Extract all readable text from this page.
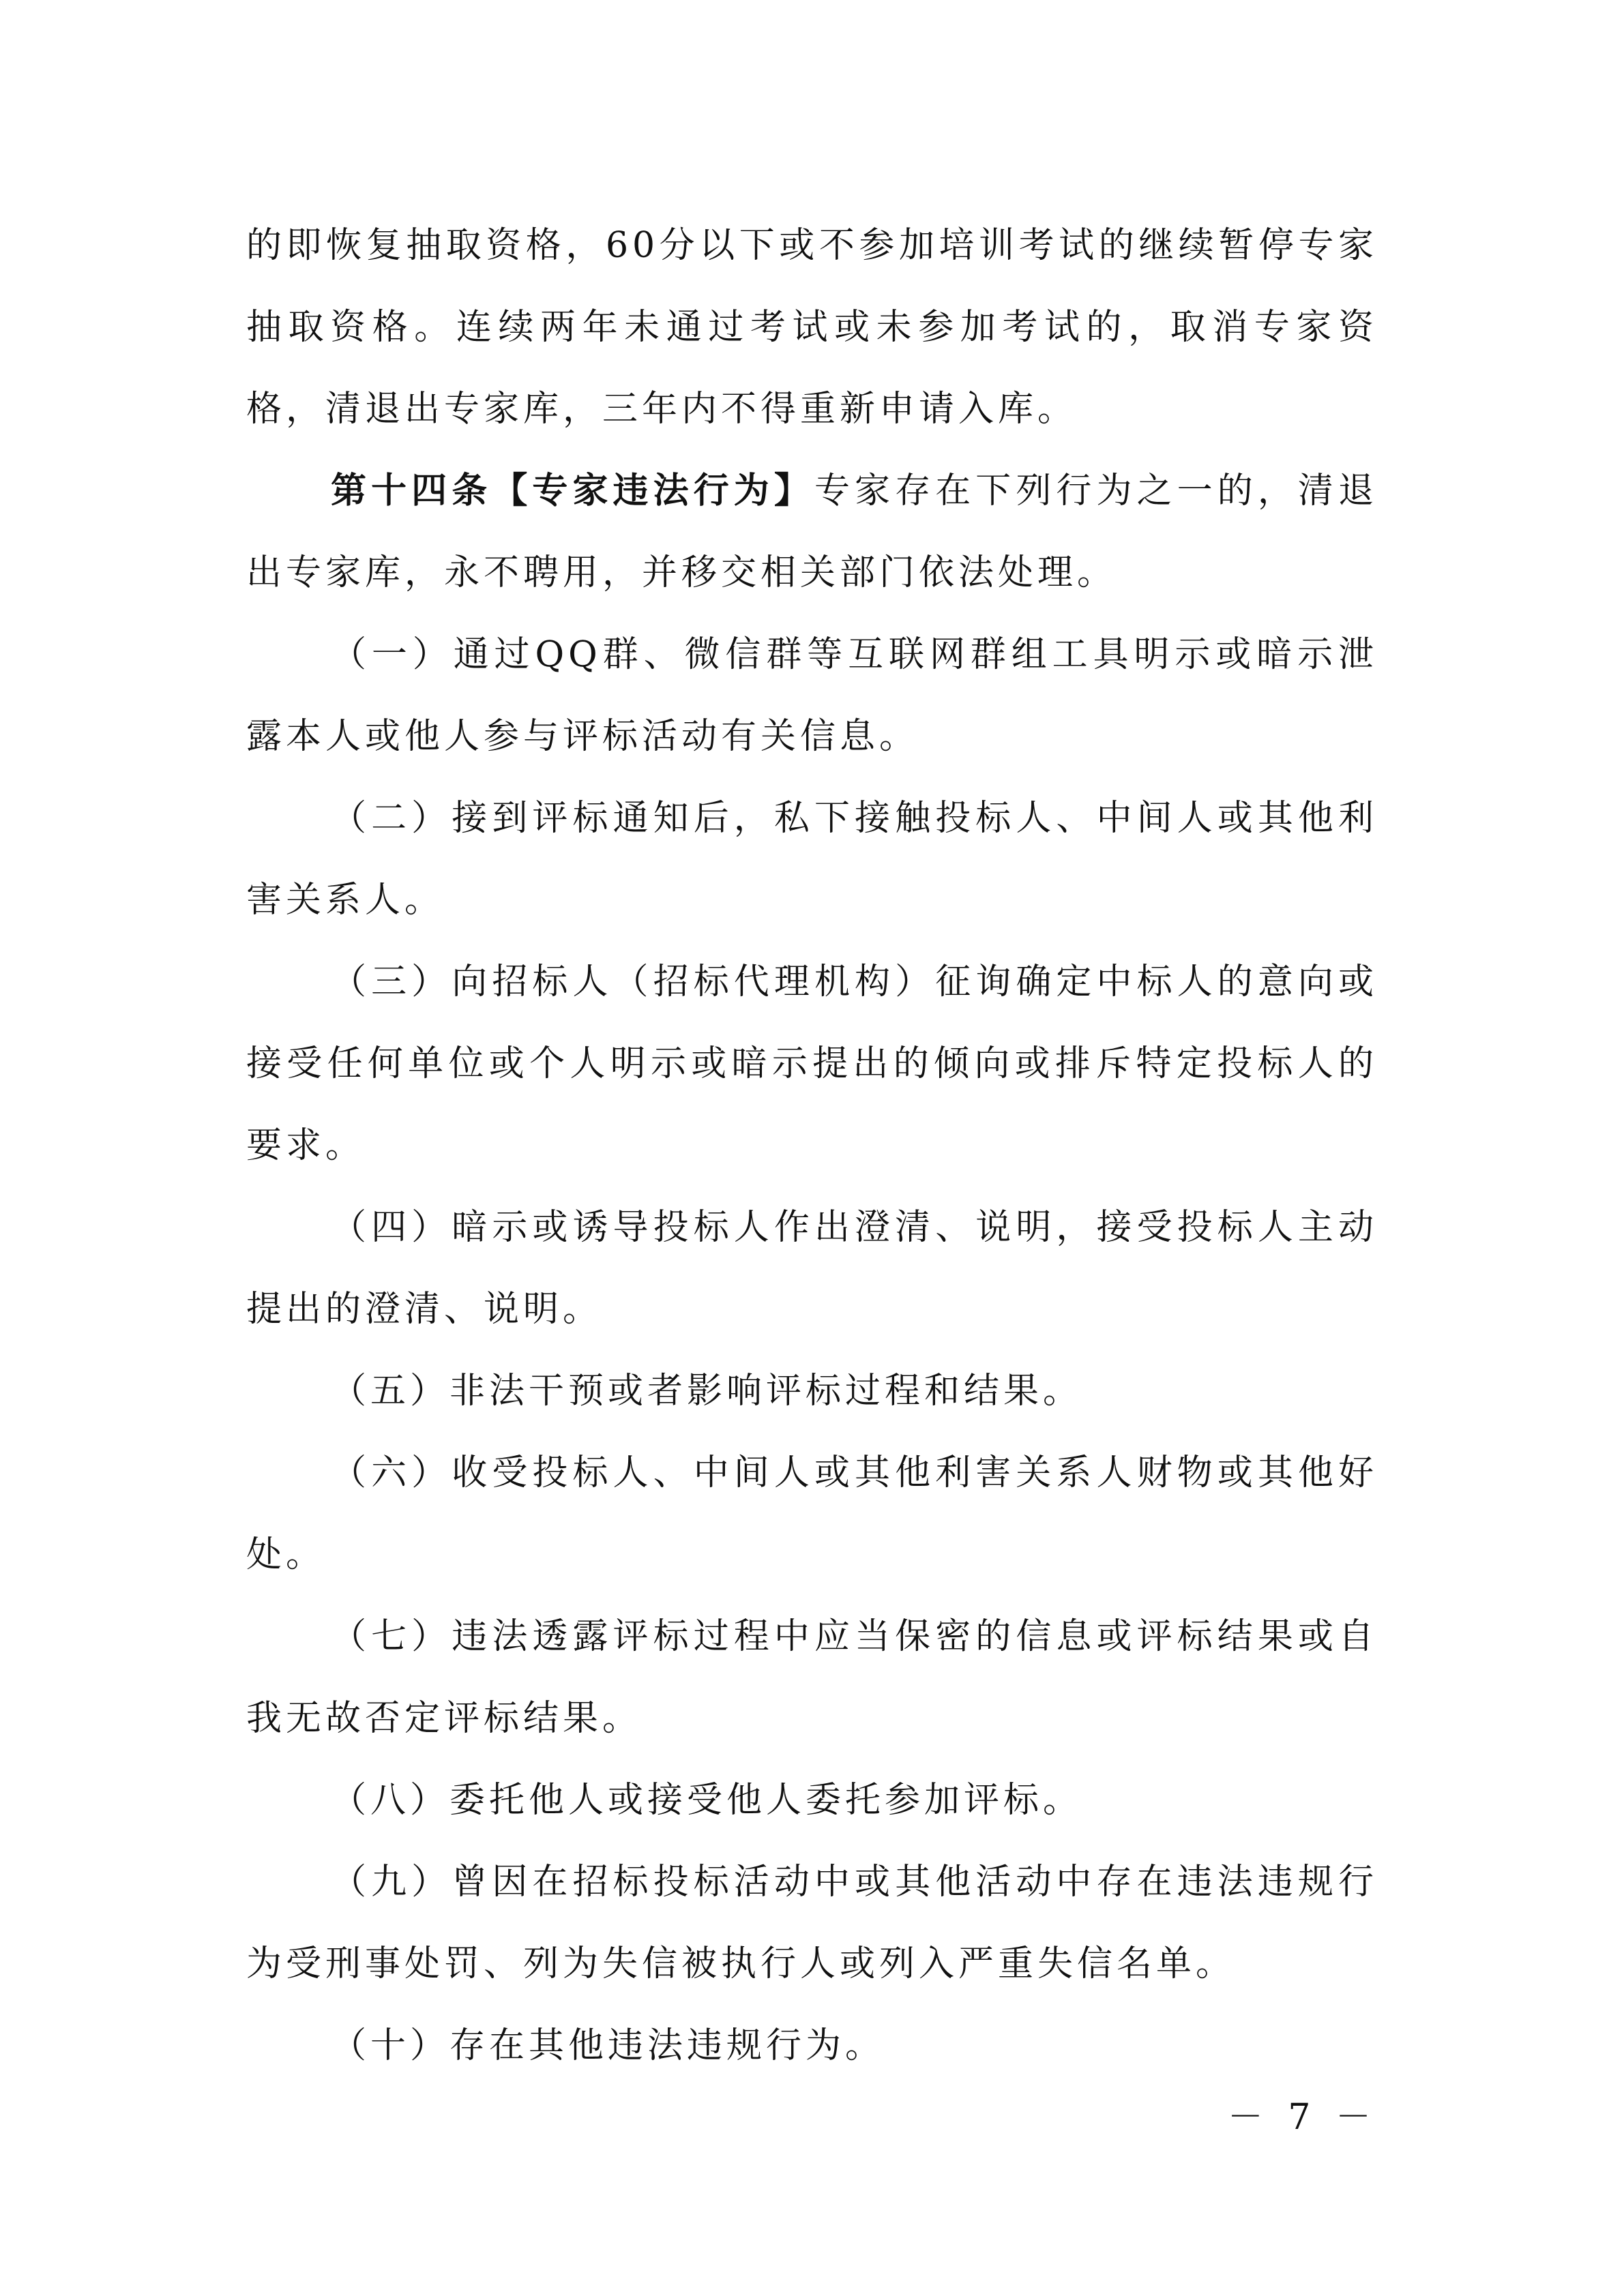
的即恢复抽取资格，60分以下或不参加培训考试的继续暂停专家抽取资格。连续两年未通过考试或未参加考试的，取消专家资格，清退出专家库，三年内不得重新申请入库。

第十四条【专家违法行为】专家存在下列行为之一的，清退出专家库，永不聘用，并移交相关部门依法处理。

（一）通过QQ群、微信群等互联网群组工具明示或暗示泄露本人或他人参与评标活动有关信息。

（二）接到评标通知后，私下接触投标人、中间人或其他利害关系人。

（三）向招标人（招标代理机构）征询确定中标人的意向或接受任何单位或个人明示或暗示提出的倾向或排斥特定投标人的要求。

（四）暗示或诱导投标人作出澄清、说明，接受投标人主动提出的澄清、说明。

（五）非法干预或者影响评标过程和结果。

（六）收受投标人、中间人或其他利害关系人财物或其他好处。

（七）违法透露评标过程中应当保密的信息或评标结果或自我无故否定评标结果。

（八）委托他人或接受他人委托参加评标。

（九）曾因在招标投标活动中或其他活动中存在违法违规行为受刑事处罚、列为失信被执行人或列入严重失信名单。

（十）存在其他违法违规行为。

－ 7 －
